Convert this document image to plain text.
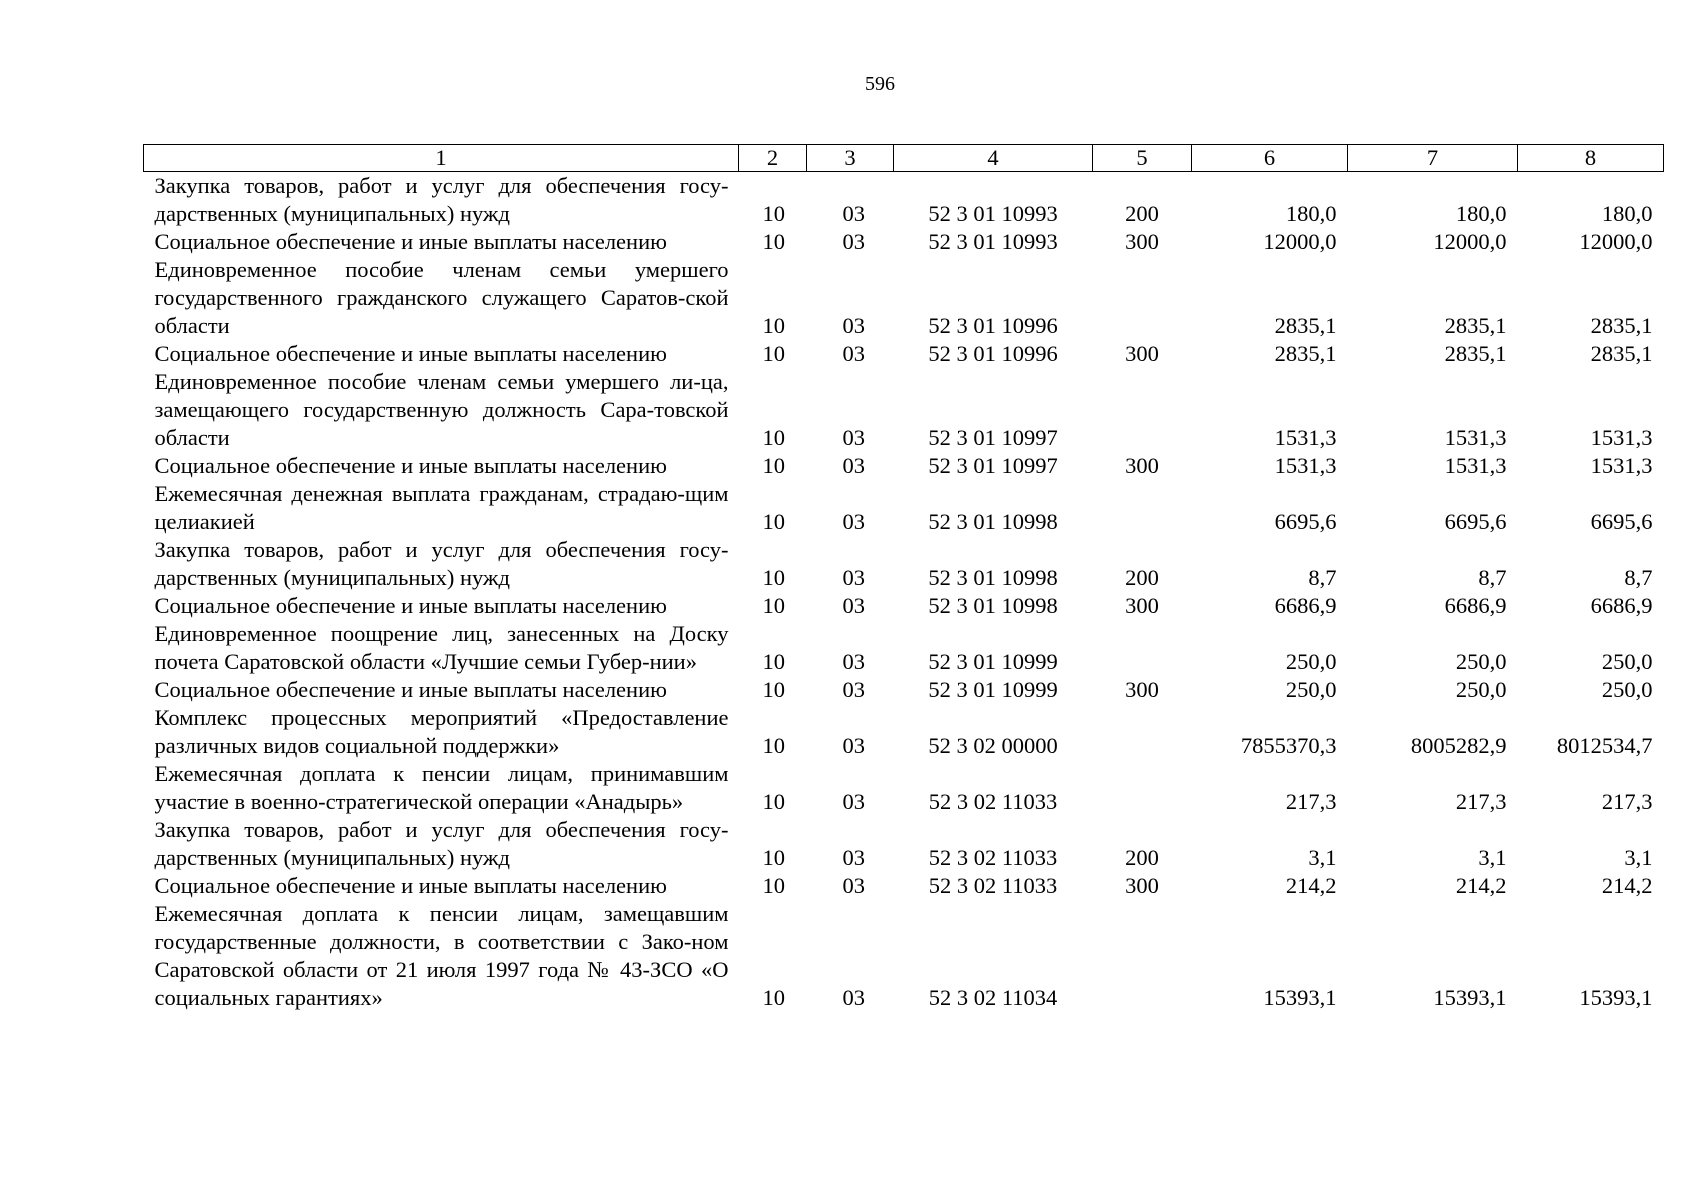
596
1	2	3	4	5	6	7	8
Закупка товаров, работ и услуг для обеспечения госу-дарственных (муниципальных) нужд	10	03	52 3 01 10993	200	180,0	180,0	180,0
Социальное обеспечение и иные выплаты населению	10	03	52 3 01 10993	300	12000,0	12000,0	12000,0
Единовременное пособие членам семьи умершего государственного гражданского служащего Саратов-ской области	10	03	52 3 01 10996		2835,1	2835,1	2835,1
Социальное обеспечение и иные выплаты населению	10	03	52 3 01 10996	300	2835,1	2835,1	2835,1
Единовременное пособие членам семьи умершего ли-ца, замещающего государственную должность Сара-товской области	10	03	52 3 01 10997		1531,3	1531,3	1531,3
Социальное обеспечение и иные выплаты населению	10	03	52 3 01 10997	300	1531,3	1531,3	1531,3
Ежемесячная денежная выплата гражданам, страдаю-щим целиакией	10	03	52 3 01 10998		6695,6	6695,6	6695,6
Закупка товаров, работ и услуг для обеспечения госу-дарственных (муниципальных) нужд	10	03	52 3 01 10998	200	8,7	8,7	8,7
Социальное обеспечение и иные выплаты населению	10	03	52 3 01 10998	300	6686,9	6686,9	6686,9
Единовременное поощрение лиц, занесенных на Доску почета Саратовской области «Лучшие семьи Губер-нии»	10	03	52 3 01 10999		250,0	250,0	250,0
Социальное обеспечение и иные выплаты населению	10	03	52 3 01 10999	300	250,0	250,0	250,0
Комплекс процессных мероприятий «Предоставление различных видов социальной поддержки»	10	03	52 3 02 00000		7855370,3	8005282,9	8012534,7
Ежемесячная доплата к пенсии лицам, принимавшим участие в военно-стратегической операции «Анадырь»	10	03	52 3 02 11033		217,3	217,3	217,3
Закупка товаров, работ и услуг для обеспечения госу-дарственных (муниципальных) нужд	10	03	52 3 02 11033	200	3,1	3,1	3,1
Социальное обеспечение и иные выплаты населению	10	03	52 3 02 11033	300	214,2	214,2	214,2
Ежемесячная доплата к пенсии лицам, замещавшим государственные должности, в соответствии с Зако-ном Саратовской области от 21 июля 1997 года № 43-ЗСО «О социальных гарантиях»	10	03	52 3 02 11034		15393,1	15393,1	15393,1
